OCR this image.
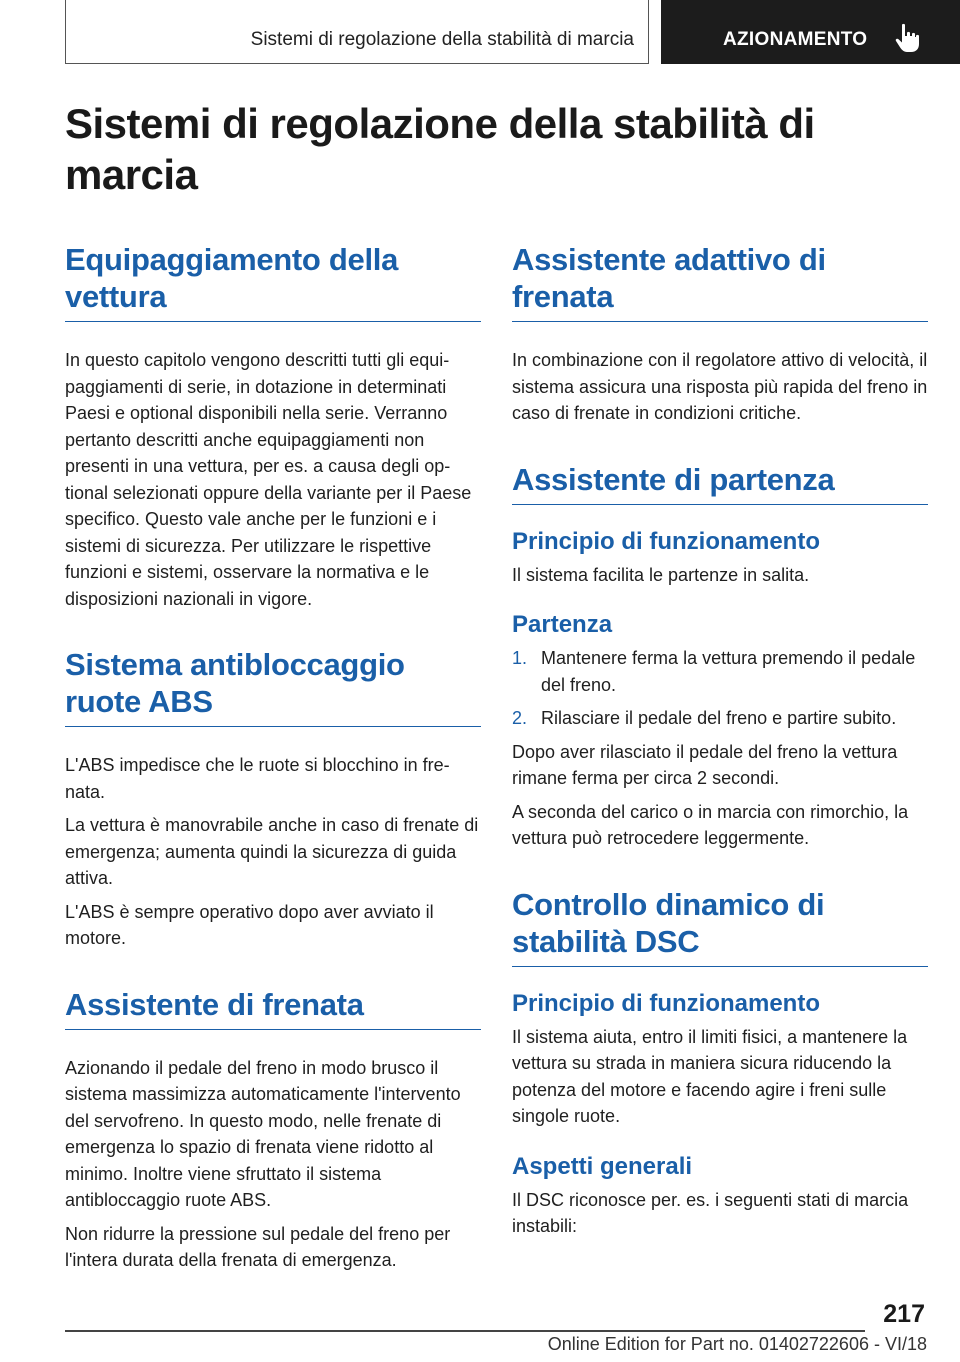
Sistemi di regolazione della stabilità di marcia	AZIONAMENTO
Sistemi di regolazione della stabilità di marcia
Equipaggiamento della vettura

In questo capitolo vengono descritti tutti gli equipaggiamenti di serie, in dotazione in determinati Paesi e optional disponibili nella serie. Verranno pertanto descritti anche equipaggiamenti non presenti in una vettura, per es. a causa degli optional selezionati oppure della variante per il Paese specifico. Questo vale anche per le funzioni e i sistemi di sicurezza. Per utilizzare le rispettive funzioni e sistemi, osservare la normativa e le disposizioni nazionali in vigore.

Sistema antibloccaggio ruote ABS

L'ABS impedisce che le ruote si blocchino in frenata.

La vettura è manovrabile anche in caso di frenate di emergenza; aumenta quindi la sicurezza di guida attiva.

L'ABS è sempre operativo dopo aver avviato il motore.

Assistente di frenata

Azionando il pedale del freno in modo brusco il sistema massimizza automaticamente l'intervento del servofreno. In questo modo, nelle frenate di emergenza lo spazio di frenata viene ridotto al minimo. Inoltre viene sfruttato il sistema antibloccaggio ruote ABS.

Non ridurre la pressione sul pedale del freno per l'intera durata della frenata di emergenza.

Assistente adattivo di frenata

In combinazione con il regolatore attivo di velocità, il sistema assicura una risposta più rapida del freno in caso di frenate in condizioni critiche.

Assistente di partenza
Principio di funzionamento

Il sistema facilita le partenze in salita.

Partenza
1. Mantenere ferma la vettura premendo il pedale del freno.
2. Rilasciare il pedale del freno e partire subito.

Dopo aver rilasciato il pedale del freno la vettura rimane ferma per circa 2 secondi.

A seconda del carico o in marcia con rimorchio, la vettura può retrocedere leggermente.

Controllo dinamico di stabilità DSC
Principio di funzionamento

Il sistema aiuta, entro il limiti fisici, a mantenere la vettura su strada in maniera sicura riducendo la potenza del motore e facendo agire i freni sulle singole ruote.

Aspetti generali

Il DSC riconosce per. es. i seguenti stati di marcia instabili:

217
Online Edition for Part no. 01402722606 - VI/18
